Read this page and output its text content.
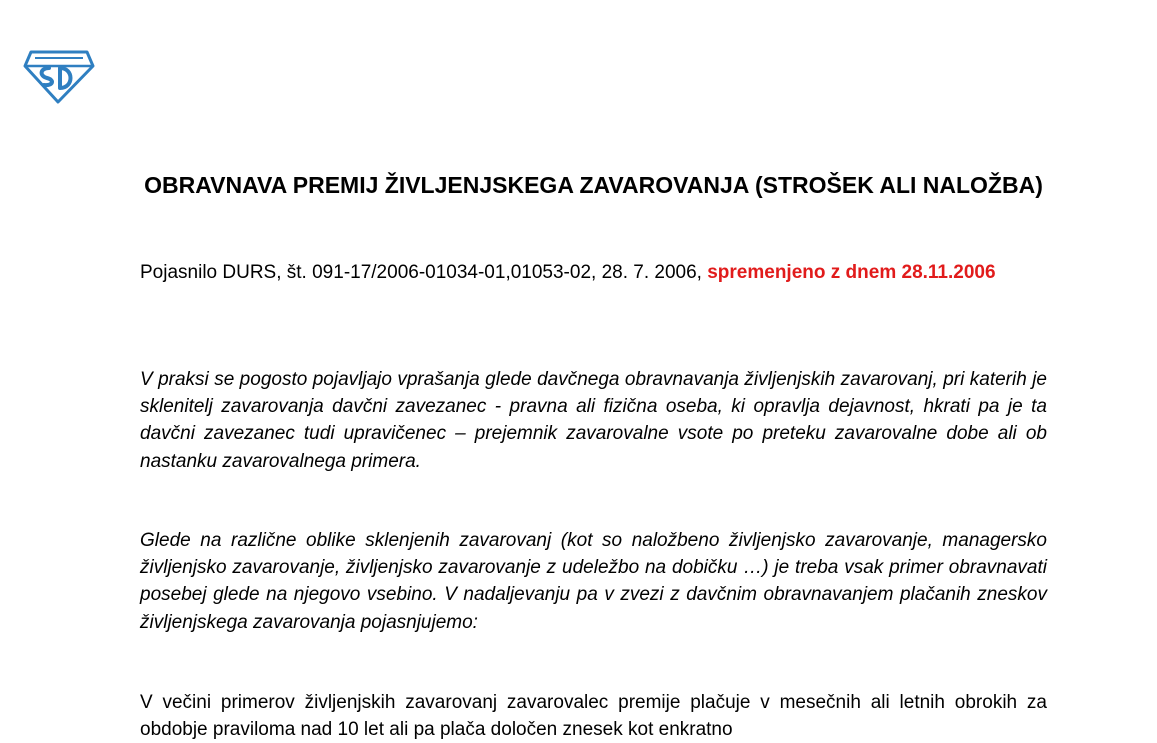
OBRAVNAVA PREMIJ ŽIVLJENJSKEGA ZAVAROVANJA (STROŠEK ALI NALOŽBA)

Pojasnilo DURS, št. 091-17/2006-01034-01,01053-02, 28. 7. 2006, spremenjeno z dnem 28.11.2006

V praksi se pogosto pojavljajo vprašanja glede davčnega obravnavanja življenjskih zavarovanj, pri katerih je sklenitelj zavarovanja davčni zavezanec - pravna ali fizična oseba, ki opravlja dejavnost, hkrati pa je ta davčni zavezanec tudi upravičenec – prejemnik zavarovalne vsote po preteku zavarovalne dobe ali ob nastanku zavarovalnega primera.

Glede na različne oblike sklenjenih zavarovanj (kot so naložbeno življenjsko zavarovanje, managersko življenjsko zavarovanje, življenjsko zavarovanje z udeležbo na dobičku …) je treba vsak primer obravnavati posebej glede na njegovo vsebino. V nadaljevanju pa v zvezi z davčnim obravnavanjem plačanih zneskov življenjskega zavarovanja pojasnjujemo:

V večini primerov življenjskih zavarovanj zavarovalec premije plačuje v mesečnih ali letnih obrokih za obdobje praviloma nad 10 let ali pa plača določen znesek kot enkratno
